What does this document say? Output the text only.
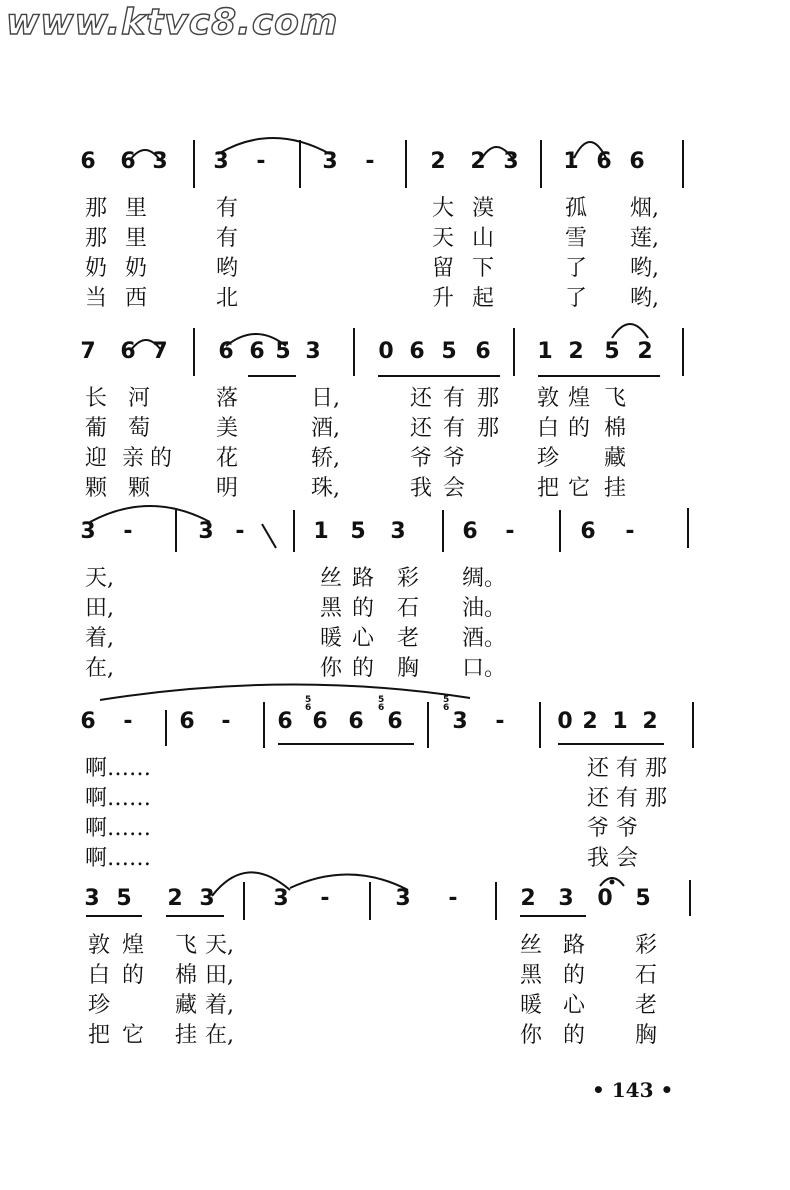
www.ktvc8.com
6 6 3 3 -	3 -	2 2 3 1 6 6
那 里	有	大 漠	孤 烟,
那 里	有	天 山	雪 莲,
奶 奶	哟	留 下	了 哟,
当 西	北	升 起	了 哟,
7 6 7 6 6 5 3	0 6 5 6 1 2 5 2
长 河	落	日,	还 有 那 敦 煌 飞
葡 萄	美	酒,	还 有 那 白 的 棉
迎 亲 的 花	轿,	爷 爷	珍 藏
颗 颗	明	珠,	我 会	把 它 挂
3 -	3 -	1 5 3	6 -	6 -
天,	丝 路 彩 绸。
田,	黑 的 石 油。
着,	暖 心 老 酒。
在,	你 的 胸 口。
6 - 6 - 6 6 6 6 3 - 0 2 1 2
56
56
56
啊……	还 有 那
啊……	还 有 那
啊……	爷 爷
啊……	我 会
3 5 2 3	3 -	3 -	2 3 0 5
敦 煌 飞 天,	丝 路 彩
白 的 棉 田,	黑 的 石
珍	藏 着,	暖 心 老
把 它 挂 在,	你 的 胸
• 143 •
